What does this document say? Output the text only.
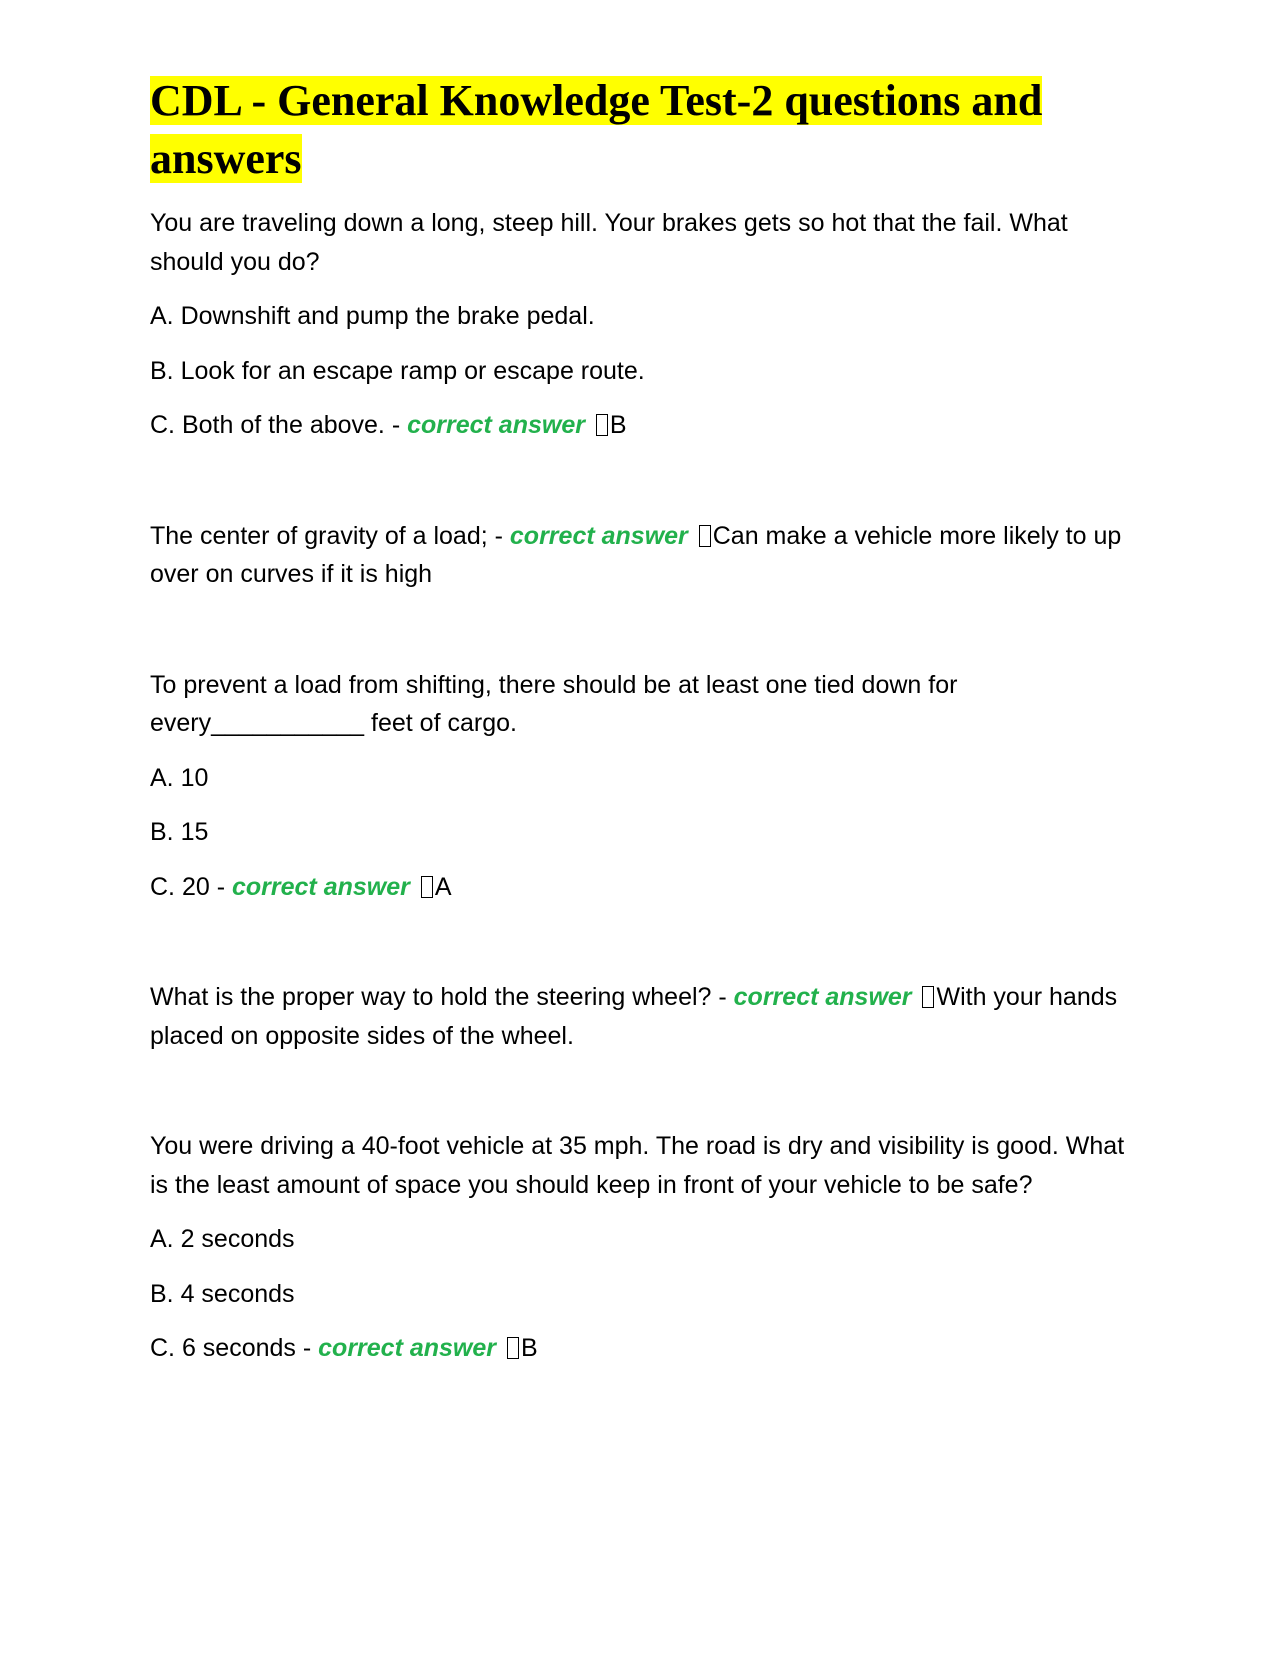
CDL - General Knowledge Test-2 questions and answers

You are traveling down a long, steep hill. Your brakes gets so hot that the fail. What should you do?

A. Downshift and pump the brake pedal.

B. Look for an escape ramp or escape route.

C. Both of the above. - correct answer B

The center of gravity of a load; - correct answer Can make a vehicle more likely to up over on curves if it is high

To prevent a load from shifting, there should be at least one tied down for every___________ feet of cargo.

A. 10

B. 15

C. 20 - correct answer A

What is the proper way to hold the steering wheel? - correct answer With your hands placed on opposite sides of the wheel.

You were driving a 40-foot vehicle at 35 mph. The road is dry and visibility is good. What is the least amount of space you should keep in front of your vehicle to be safe?

A. 2 seconds

B. 4 seconds

C. 6 seconds - correct answer B
